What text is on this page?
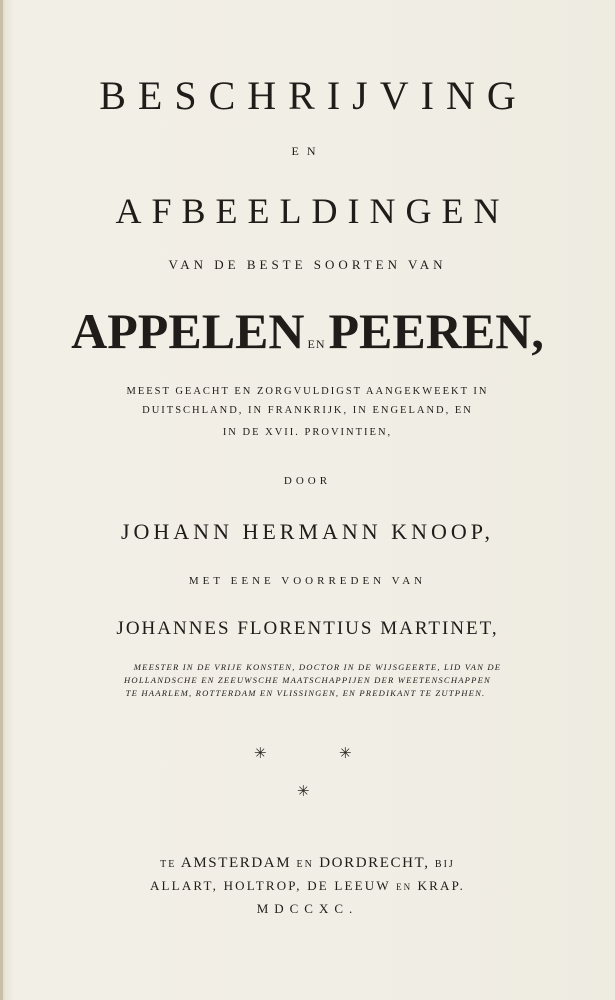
BESCHRIJVING
EN
AFBEELDINGEN
VAN DE BESTE SOORTEN VAN
APPELEN ENPEEREN,
MEEST GEACHT EN ZORGVULDIGST AANGEKWEEKT IN
DUITSCHLAND, IN FRANKRIJK, IN ENGELAND, EN
IN DE XVII. PROVINTIEN,
DOOR
JOHANN HERMANN KNOOP,
MET EENE VOORREDEN VAN
JOHANNES FLORENTIUS MARTINET,
MEESTER IN DE VRIJE KONSTEN, DOCTOR IN DE WIJSGEERTE, LID VAN DE
HOLLANDSCHE EN ZEEUWSCHE MAATSCHAPPIJEN DER WEETENSCHAPPEN
TE HAARLEM, ROTTERDAM EN VLISSINGEN, EN PREDIKANT TE ZUTPHEN.
✳	✳
✳
TE AMSTERDAM EN DORDRECHT, BIJ
ALLART, HOLTROP, DE LEEUW EN KRAP.
MDCCXC.
